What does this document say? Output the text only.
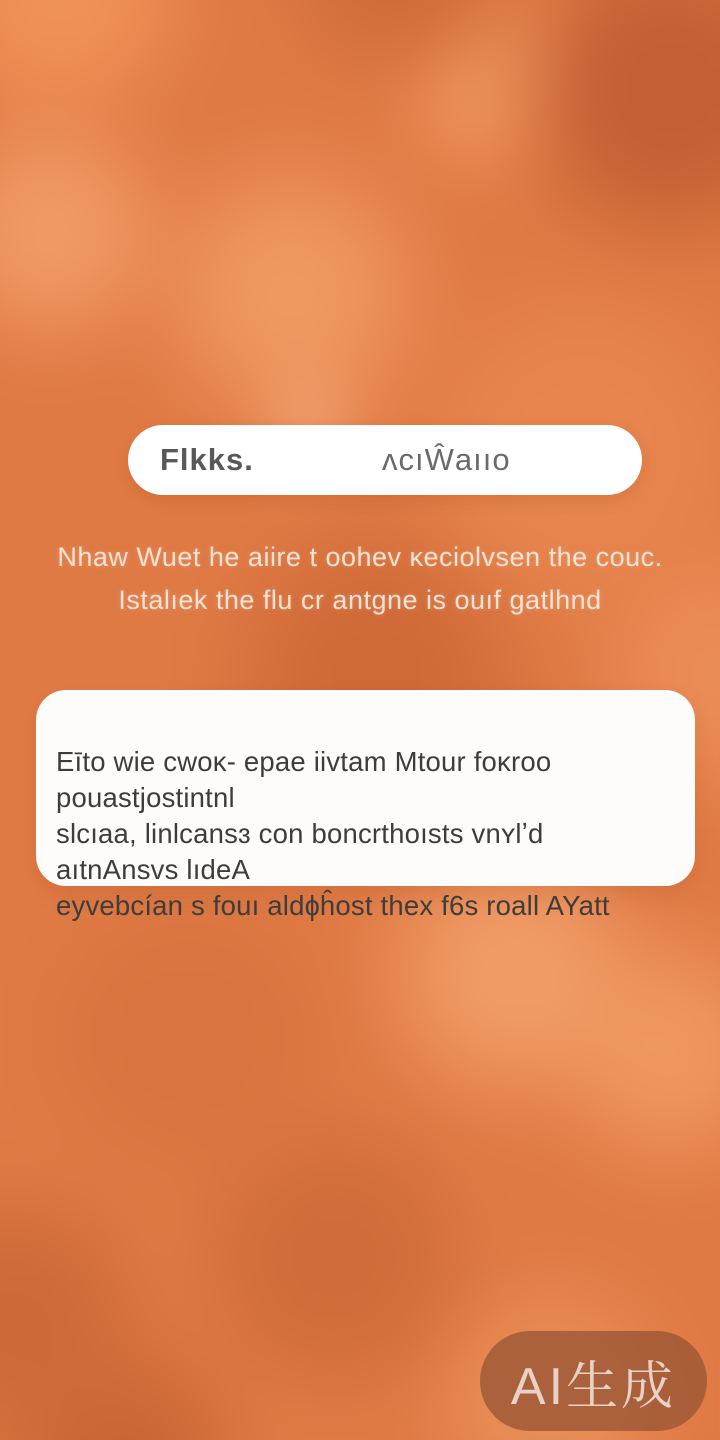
Flkks.	ʌcıŴaııo
Nhaw Wuet he aiire t oohev ĸeciolvsen the couc.
Istalıek the flu cr antgne is ouıf gatlhnd
Eīto wie cwoĸ- epae iivtam Mtour foĸroo pouastjostintnl
slcıaa, linlcansɜ con boncrthoısts vnʏlʼd aıtnAnsvs lıdeA
eyvebcían s fouı aldɸĥost thex f6s roall AYatt
AI生成
